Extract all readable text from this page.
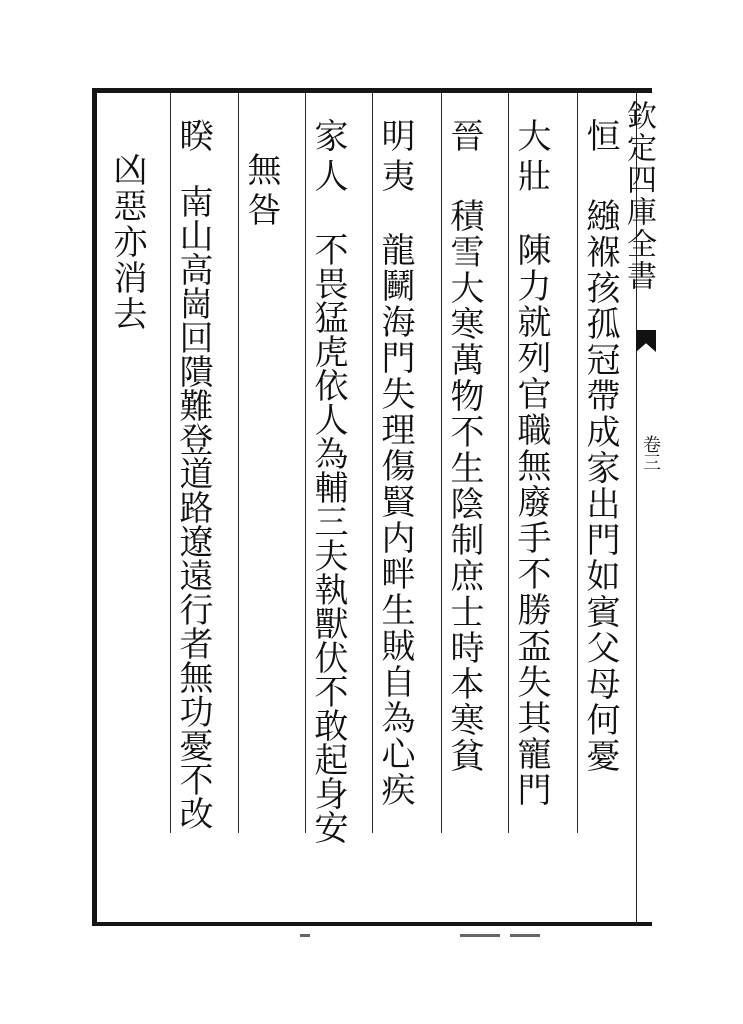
欽定四庫全書
卷三
恒
繈褓孩孤冠帶成家出門如賓父母何憂
大壯
陳力就列官職無廢手不勝盃失其寵門
晉
積雪大寒萬物不生陰制庶士時本寒貧
明夷
龍鬭海門失理傷賢内畔生賊自為心疾
家人
不畏猛虎依人為輔三夫執獸伏不敢起身安
無咎
睽
南山高崗回隤難登道路遼遠行者無功憂不改
凶惡亦消去
